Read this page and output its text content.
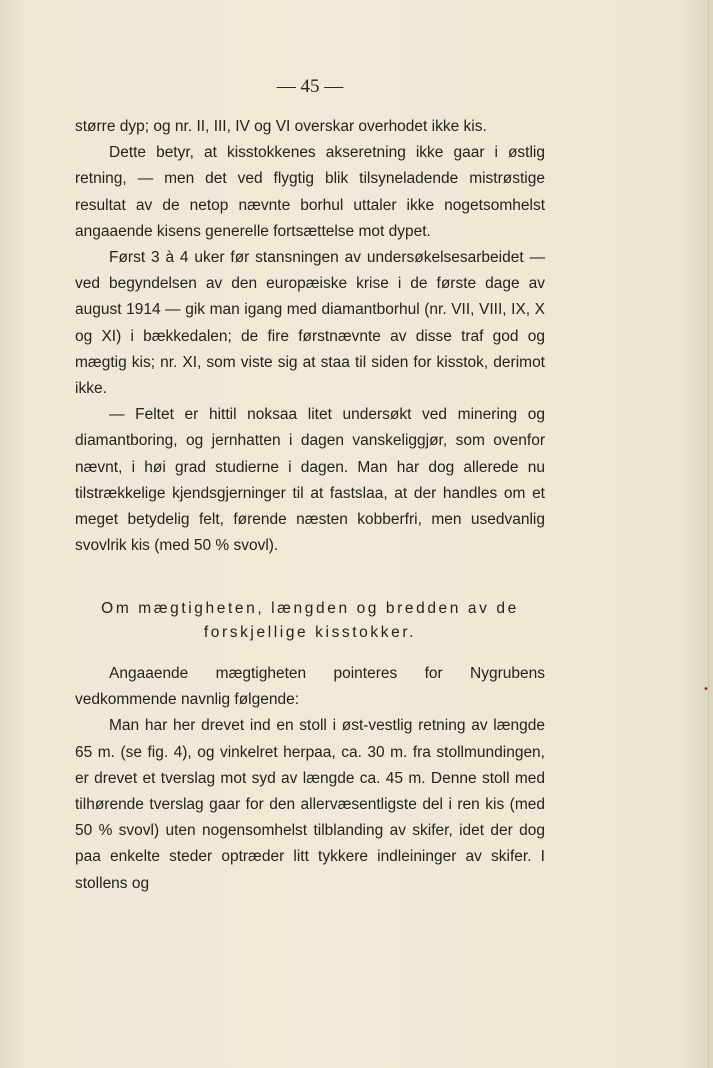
— 45 —

større dyp; og nr. II, III, IV og VI overskar overhodet ikke kis.

Dette betyr, at kisstokkenes akseretning ikke gaar i østlig retning, — men det ved flygtig blik tilsyneladende mistrøstige resultat av de netop nævnte borhul uttaler ikke nogetsomhelst angaaende kisens generelle fortsættelse mot dypet.

Først 3 à 4 uker før stansningen av undersøkelsesarbeidet — ved begyndelsen av den europæiske krise i de første dage av august 1914 — gik man igang med diamantborhul (nr. VII, VIII, IX, X og XI) i bækkedalen; de fire førstnævnte av disse traf god og mægtig kis; nr. XI, som viste sig at staa til siden for kisstok, derimot ikke.

— Feltet er hittil noksaa litet undersøkt ved minering og diamantboring, og jernhatten i dagen vanskeliggjør, som ovenfor nævnt, i høi grad studierne i dagen. Man har dog allerede nu tilstrækkelige kjendsgjerninger til at fastslaa, at der handles om et meget betydelig felt, førende næsten kobberfri, men usedvanlig svovlrik kis (med 50 % svovl).

Om mægtigheten, længden og bredden av de

forskjellige kisstokker.

Angaaende mægtigheten pointeres for Nygrubens vedkommende navnlig følgende:

Man har her drevet ind en stoll i øst-vestlig retning av længde 65 m. (se fig. 4), og vinkelret herpaa, ca. 30 m. fra stollmundingen, er drevet et tverslag mot syd av længde ca. 45 m. Denne stoll med tilhørende tverslag gaar for den allervæsentligste del i ren kis (med 50 % svovl) uten nogensomhelst tilblanding av skifer, idet der dog paa enkelte steder optræder litt tykkere indleininger av skifer. I stollens og

•
